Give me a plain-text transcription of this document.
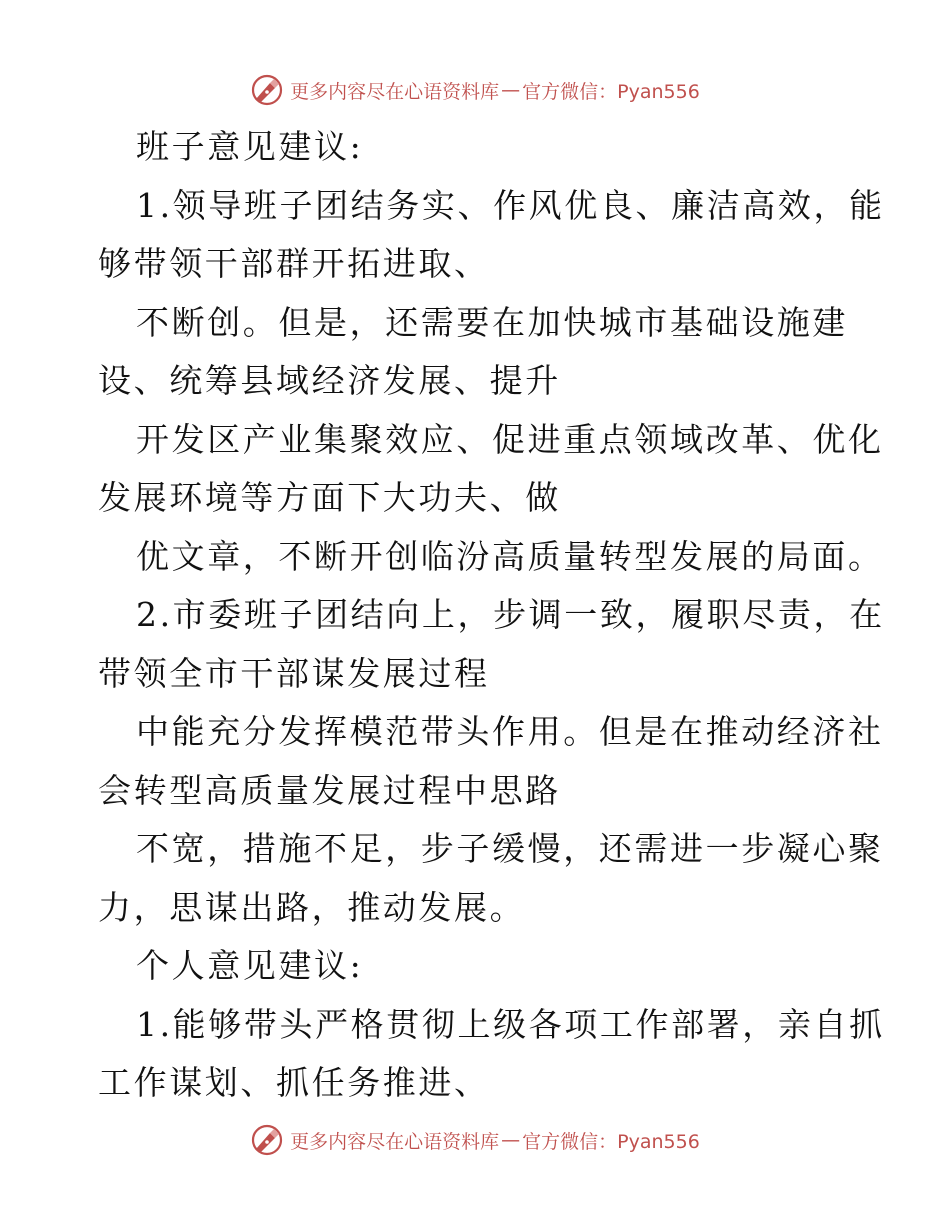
更多内容尽在心语资料库 — 官方微信：Pyan556

班子意见建议:

1.领导班子团结务实、作风优良、廉洁高效，能

够带领干部群开拓进取、

不断创。但是，还需要在加快城市基础设施建

设、统筹县域经济发展、提升

开发区产业集聚效应、促进重点领域改革、优化

发展环境等方面下大功夫、做

优文章，不断开创临汾高质量转型发展的局面。

2.市委班子团结向上，步调一致，履职尽责，在

带领全市干部谋发展过程

中能充分发挥模范带头作用。但是在推动经济社

会转型高质量发展过程中思路

不宽，措施不足，步子缓慢，还需进一步凝心聚

力，思谋出路，推动发展。

个人意见建议:

1.能够带头严格贯彻上级各项工作部署，亲自抓

工作谋划、抓任务推进、

更多内容尽在心语资料库 — 官方微信：Pyan556
